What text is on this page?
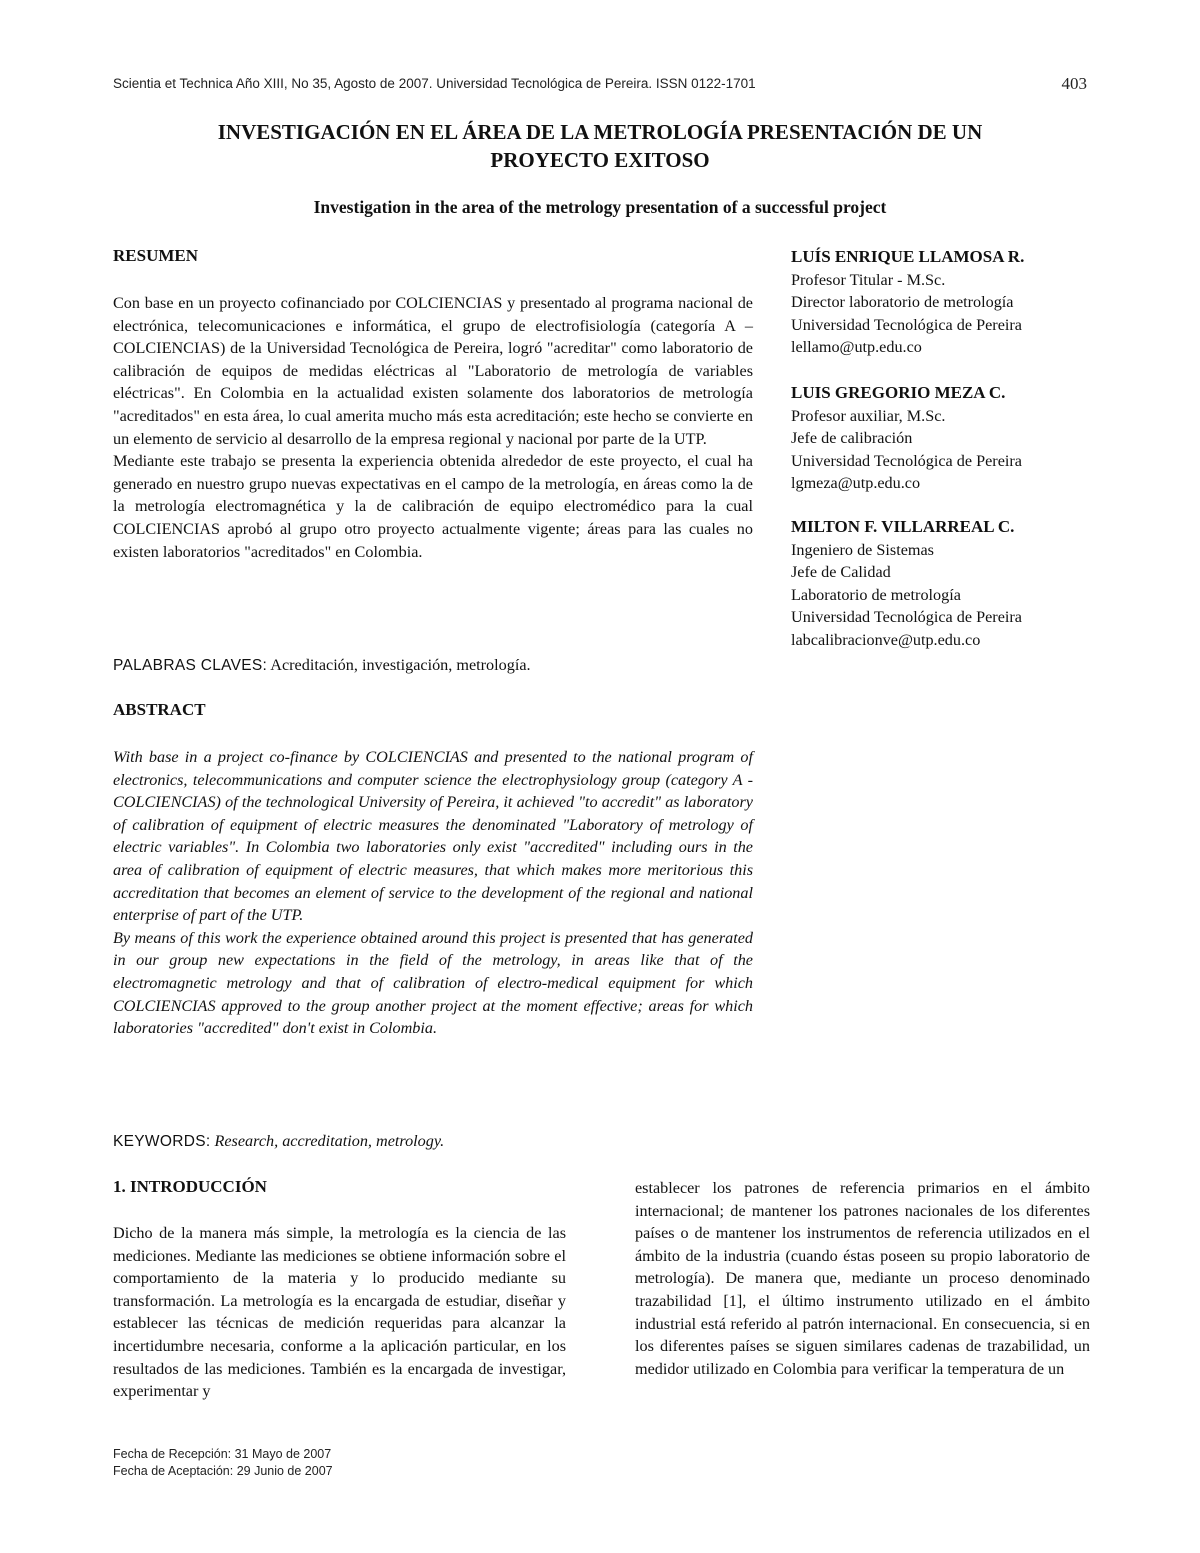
Scientia et Technica Año XIII, No 35, Agosto de 2007. Universidad Tecnológica de Pereira. ISSN 0122-1701	403
INVESTIGACIÓN EN EL ÁREA DE LA METROLOGÍA PRESENTACIÓN DE UN
PROYECTO EXITOSO
Investigation in the area of the metrology presentation of a successful project
RESUMEN

Con base en un proyecto cofinanciado por COLCIENCIAS y presentado al programa nacional de electrónica, telecomunicaciones e informática, el grupo de electrofisiología (categoría A – COLCIENCIAS) de la Universidad Tecnológica de Pereira, logró "acreditar" como laboratorio de calibración de equipos de medidas eléctricas al "Laboratorio de metrología de variables eléctricas". En Colombia en la actualidad existen solamente dos laboratorios de metrología "acreditados" en esta área, lo cual amerita mucho más esta acreditación; este hecho se convierte en un elemento de servicio al desarrollo de la empresa regional y nacional por parte de la UTP.

Mediante este trabajo se presenta la experiencia obtenida alrededor de este proyecto, el cual ha generado en nuestro grupo nuevas expectativas en el campo de la metrología, en áreas como la de la metrología electromagnética y la de calibración de equipo electromédico para la cual COLCIENCIAS aprobó al grupo otro proyecto actualmente vigente; áreas para las cuales no existen laboratorios "acreditados" en Colombia.

PALABRAS CLAVES: Acreditación, investigación, metrología.
ABSTRACT

With base in a project co-finance by COLCIENCIAS and presented to the national program of electronics, telecommunications and computer science the electrophysiology group (category A - COLCIENCIAS) of the technological University of Pereira, it achieved "to accredit" as laboratory of calibration of equipment of electric measures the denominated "Laboratory of metrology of electric variables". In Colombia two laboratories only exist "accredited" including ours in the area of calibration of equipment of electric measures, that which makes more meritorious this accreditation that becomes an element of service to the development of the regional and national enterprise of part of the UTP.

By means of this work the experience obtained around this project is presented that has generated in our group new expectations in the field of the metrology, in areas like that of the electromagnetic metrology and that of calibration of electro-medical equipment for which COLCIENCIAS approved to the group another project at the moment effective; areas for which laboratories "accredited" don't exist in Colombia.

KEYWORDS: Research, accreditation, metrology.
LUÍS ENRIQUE LLAMOSA R.
Profesor Titular - M.Sc.
Director laboratorio de metrología
Universidad Tecnológica de Pereira
lellamo@utp.edu.co
LUIS GREGORIO MEZA C.
Profesor auxiliar, M.Sc.
Jefe de calibración
Universidad Tecnológica de Pereira
lgmeza@utp.edu.co
MILTON F. VILLARREAL C.
Ingeniero de Sistemas
Jefe de Calidad
Laboratorio de metrología
Universidad Tecnológica de Pereira
labcalibracionve@utp.edu.co
1. INTRODUCCIÓN

Dicho de la manera más simple, la metrología es la ciencia de las mediciones. Mediante las mediciones se obtiene información sobre el comportamiento de la materia y lo producido mediante su transformación. La metrología es la encargada de estudiar, diseñar y establecer las técnicas de medición requeridas para alcanzar la incertidumbre necesaria, conforme a la aplicación particular, en los resultados de las mediciones. También es la encargada de investigar, experimentar y

establecer los patrones de referencia primarios en el ámbito internacional; de mantener los patrones nacionales de los diferentes países o de mantener los instrumentos de referencia utilizados en el ámbito de la industria (cuando éstas poseen su propio laboratorio de metrología). De manera que, mediante un proceso denominado trazabilidad [1], el último instrumento utilizado en el ámbito industrial está referido al patrón internacional. En consecuencia, si en los diferentes países se siguen similares cadenas de trazabilidad, un medidor utilizado en Colombia para verificar la temperatura de un

Fecha de Recepción: 31 Mayo de 2007
Fecha de Aceptación: 29 Junio de 2007
